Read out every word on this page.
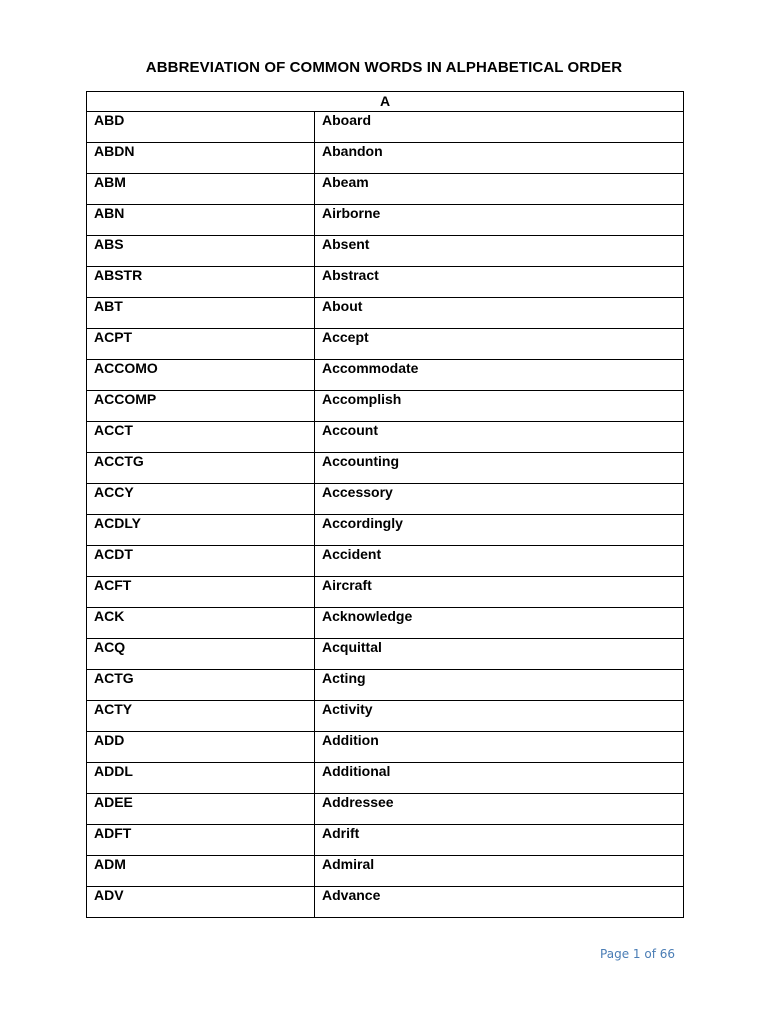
ABBREVIATION OF COMMON WORDS IN ALPHABETICAL ORDER
A	
ABD	Aboard
ABDN	Abandon
ABM	Abeam
ABN	Airborne
ABS	Absent
ABSTR	Abstract
ABT	About
ACPT	Accept
ACCOMO	Accommodate
ACCOMP	Accomplish
ACCT	Account
ACCTG	Accounting
ACCY	Accessory
ACDLY	Accordingly
ACDT	Accident
ACFT	Aircraft
ACK	Acknowledge
ACQ	Acquittal
ACTG	Acting
ACTY	Activity
ADD	Addition
ADDL	Additional
ADEE	Addressee
ADFT	Adrift
ADM	Admiral
ADV	Advance
Page 1 of 66
